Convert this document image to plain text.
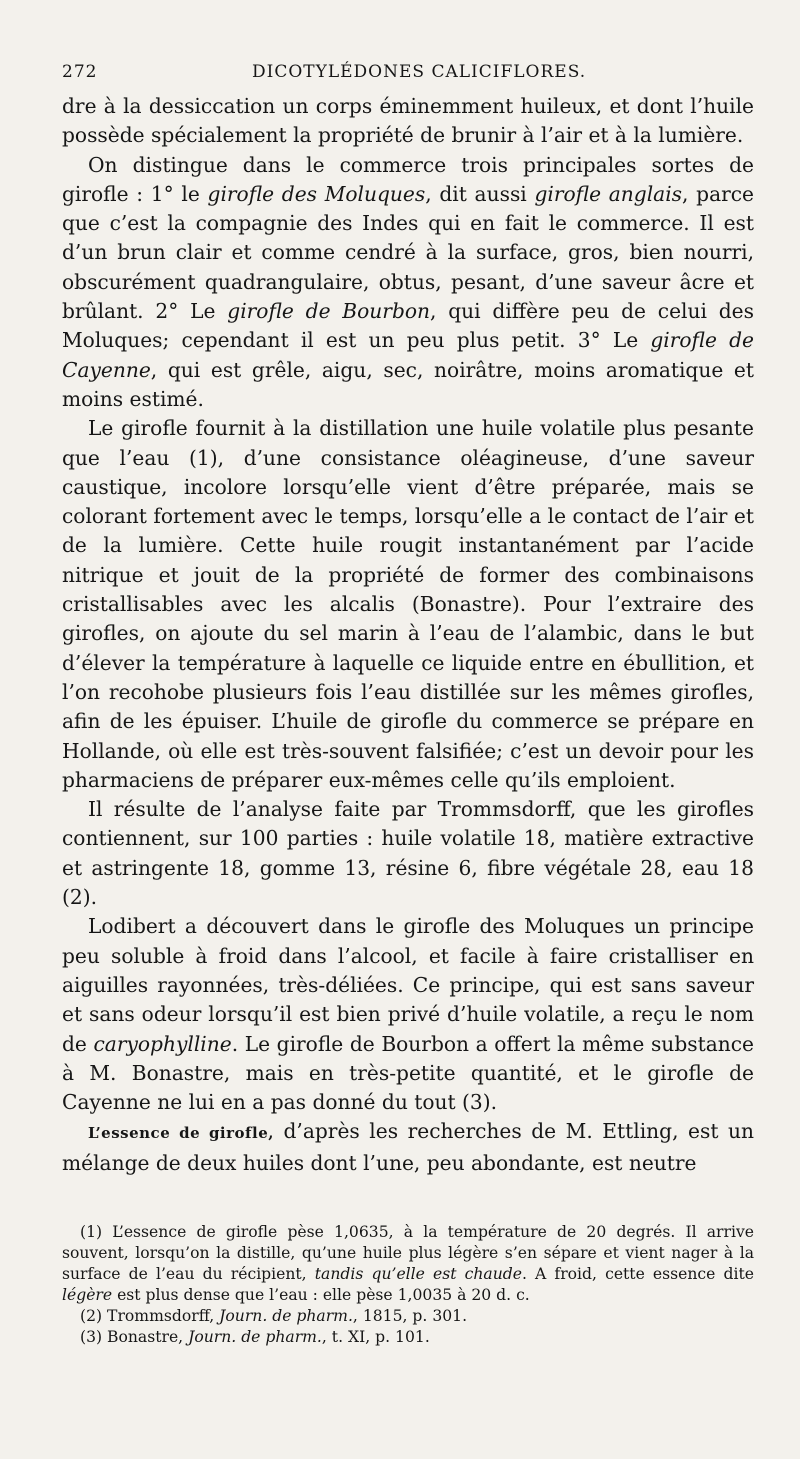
272	DICOTYLÉDONES CALICIFLORES.

dre à la dessiccation un corps éminemment huileux, et dont l’huile possède spécialement la propriété de brunir à l’air et à la lumière.

On distingue dans le commerce trois principales sortes de girofle : 1° le girofle des Moluques, dit aussi girofle anglais, parce que c’est la compagnie des Indes qui en fait le commerce. Il est d’un brun clair et comme cendré à la surface, gros, bien nourri, obscurément quadrangulaire, obtus, pesant, d’une saveur âcre et brûlant. 2° Le girofle de Bourbon, qui diffère peu de celui des Moluques; cependant il est un peu plus petit. 3° Le girofle de Cayenne, qui est grêle, aigu, sec, noirâtre, moins aromatique et moins estimé.

Le girofle fournit à la distillation une huile volatile plus pesante que l’eau (1), d’une consistance oléagineuse, d’une saveur caustique, incolore lorsqu’elle vient d’être préparée, mais se colorant fortement avec le temps, lorsqu’elle a le contact de l’air et de la lumière. Cette huile rougit instantanément par l’acide nitrique et jouit de la propriété de former des combinaisons cristallisables avec les alcalis (Bonastre). Pour l’extraire des girofles, on ajoute du sel marin à l’eau de l’alambic, dans le but d’élever la température à laquelle ce liquide entre en ébullition, et l’on recohobe plusieurs fois l’eau distillée sur les mêmes girofles, afin de les épuiser. L’huile de girofle du commerce se prépare en Hollande, où elle est très-souvent falsifiée; c’est un devoir pour les pharmaciens de préparer eux-mêmes celle qu’ils emploient.

Il résulte de l’analyse faite par Trommsdorff, que les girofles contiennent, sur 100 parties : huile volatile 18, matière extractive et astringente 18, gomme 13, résine 6, fibre végétale 28, eau 18 (2).

Lodibert a découvert dans le girofle des Moluques un principe peu soluble à froid dans l’alcool, et facile à faire cristalliser en aiguilles rayonnées, très-déliées. Ce principe, qui est sans saveur et sans odeur lorsqu’il est bien privé d’huile volatile, a reçu le nom de caryophylline. Le girofle de Bourbon a offert la même substance à M. Bonastre, mais en très-petite quantité, et le girofle de Cayenne ne lui en a pas donné du tout (3).

L’essence de girofle, d’après les recherches de M. Ettling, est un mélange de deux huiles dont l’une, peu abondante, est neutre

(1) L’essence de girofle pèse 1,0635, à la température de 20 degrés. Il arrive souvent, lorsqu’on la distille, qu’une huile plus légère s’en sépare et vient nager à la surface de l’eau du récipient, tandis qu’elle est chaude. A froid, cette essence dite légère est plus dense que l’eau : elle pèse 1,0035 à 20 d. c.

(2) Trommsdorff, Journ. de pharm., 1815, p. 301.

(3) Bonastre, Journ. de pharm., t. XI, p. 101.
